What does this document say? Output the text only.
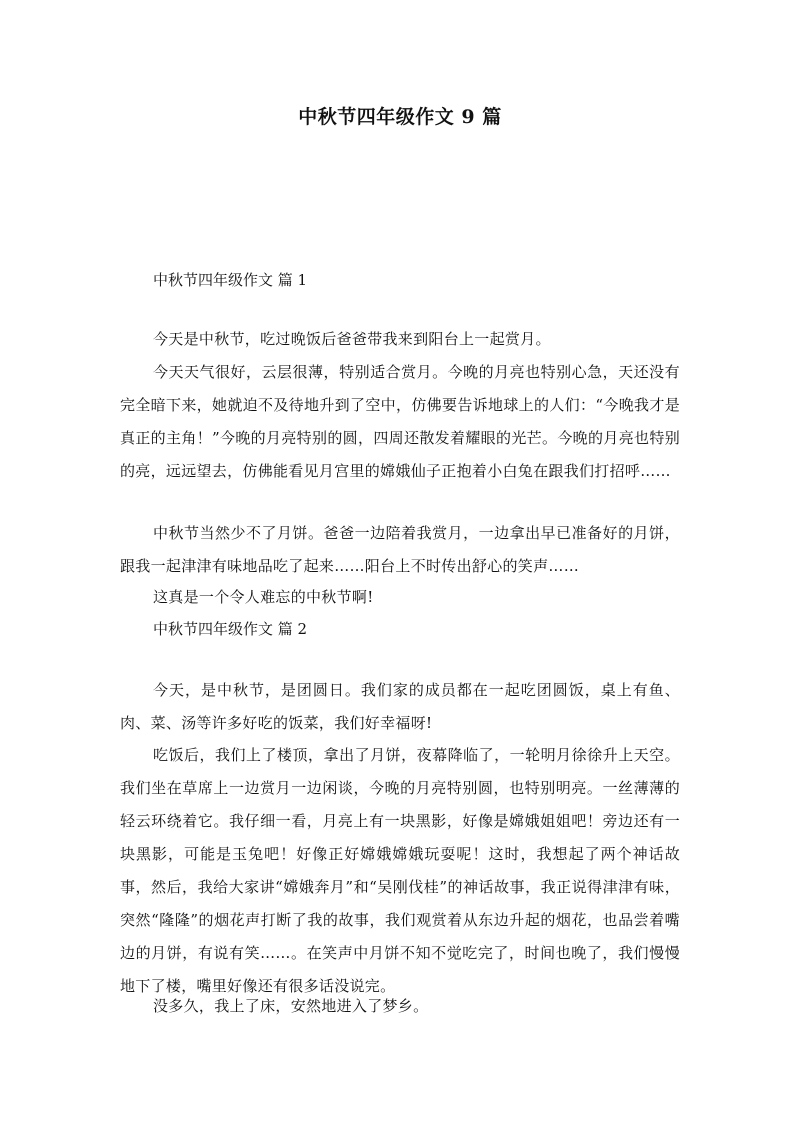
中秋节四年级作文 9 篇
中秋节四年级作文 篇 1

今天是中秋节，吃过晚饭后爸爸带我来到阳台上一起赏月。

今天天气很好，云层很薄，特别适合赏月。今晚的月亮也特别心急，天还没有完全暗下来，她就迫不及待地升到了空中，仿佛要告诉地球上的人们：“今晚我才是真正的主角！”今晚的月亮特别的圆，四周还散发着耀眼的光芒。今晚的月亮也特别的亮，远远望去，仿佛能看见月宫里的嫦娥仙子正抱着小白兔在跟我们打招呼……

中秋节当然少不了月饼。爸爸一边陪着我赏月，一边拿出早已准备好的月饼，跟我一起津津有味地品吃了起来……阳台上不时传出舒心的笑声……

这真是一个令人难忘的中秋节啊!

中秋节四年级作文 篇 2

今天，是中秋节，是团圆日。我们家的成员都在一起吃团圆饭，桌上有鱼、肉、菜、汤等许多好吃的饭菜，我们好幸福呀!

吃饭后，我们上了楼顶，拿出了月饼，夜幕降临了，一轮明月徐徐升上天空。我们坐在草席上一边赏月一边闲谈，今晚的月亮特别圆，也特别明亮。一丝薄薄的轻云环绕着它。我仔细一看，月亮上有一块黑影，好像是嫦娥姐姐吧！旁边还有一块黑影，可能是玉兔吧！好像正好嫦娥嫦娥玩耍呢！这时，我想起了两个神话故事，然后，我给大家讲“嫦娥奔月”和“吴刚伐桂”的神话故事，我正说得津津有味，突然“隆隆”的烟花声打断了我的故事，我们观赏着从东边升起的烟花，也品尝着嘴边的月饼，有说有笑……。在笑声中月饼不知不觉吃完了，时间也晚了，我们慢慢地下了楼，嘴里好像还有很多话没说完。

没多久，我上了床，安然地进入了梦乡。
